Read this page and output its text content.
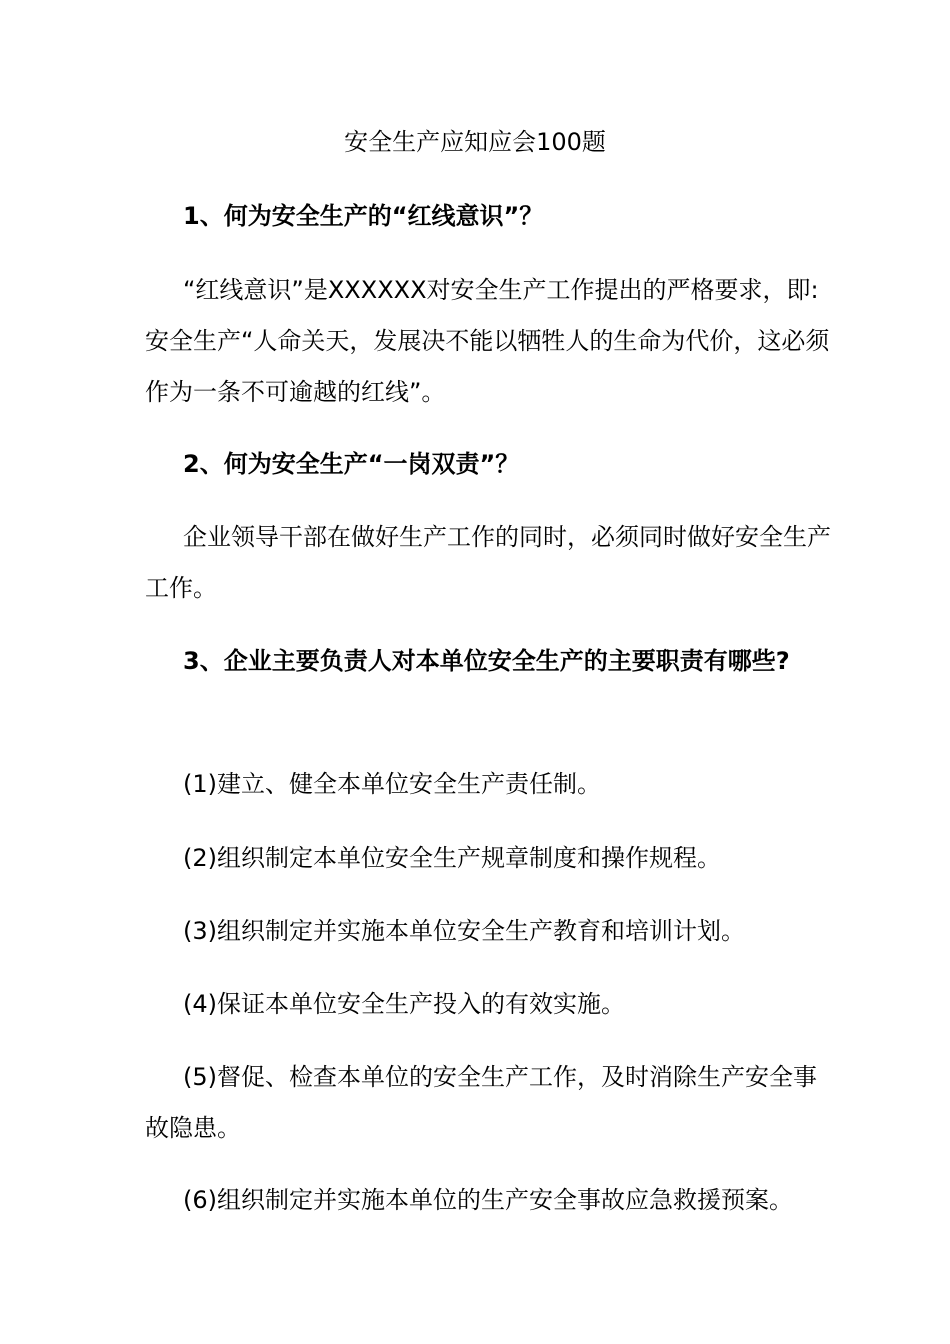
安全生产应知应会100题

1、何为安全生产的“红线意识”？

“红线意识”是XXXXXX对安全生产工作提出的严格要求，即:安全生产“人命关天，发展决不能以牺牲人的生命为代价，这必须作为一条不可逾越的红线”。

2、何为安全生产“一岗双责”？

企业领导干部在做好生产工作的同时，必须同时做好安全生产工作。

3、企业主要负责人对本单位安全生产的主要职责有哪些?

(1)建立、健全本单位安全生产责任制。

(2)组织制定本单位安全生产规章制度和操作规程。

(3)组织制定并实施本单位安全生产教育和培训计划。

(4)保证本单位安全生产投入的有效实施。

(5)督促、检查本单位的安全生产工作，及时消除生产安全事故隐患。

(6)组织制定并实施本单位的生产安全事故应急救援预案。
